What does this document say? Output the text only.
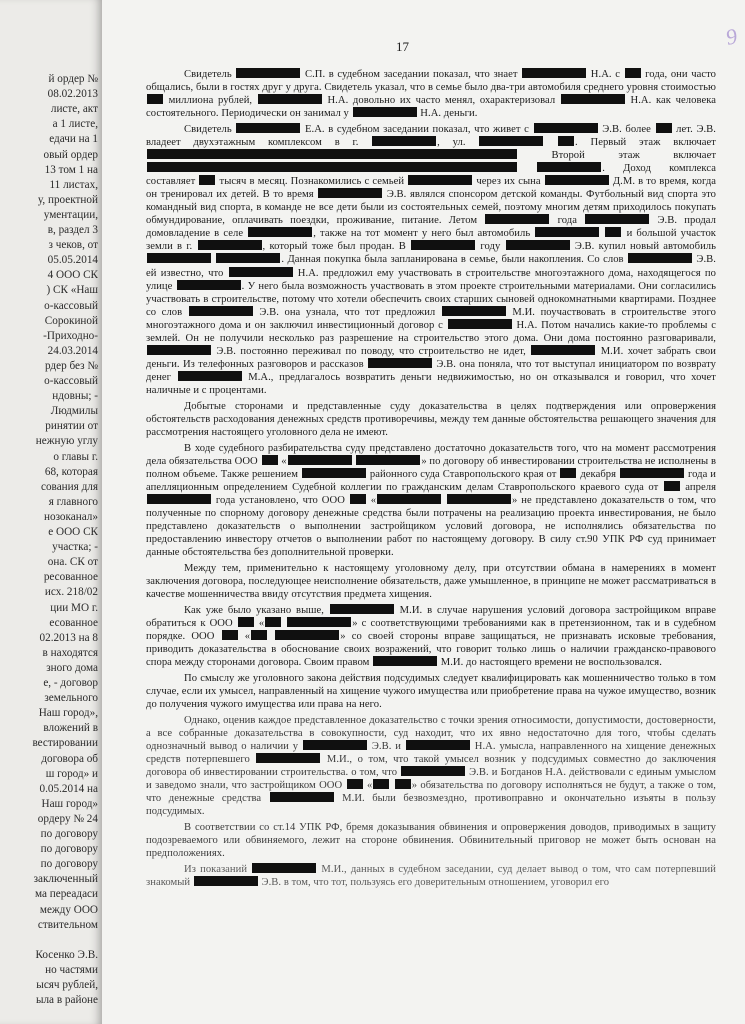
й ордер №
08.02.2013
листе, акт
а 1 листе,
едачи на 1
овый ордер
13 том 1 на
11 листах,
у, проектной
ументации,
в, раздел 3
з чеков, от
05.05.2014
4 ООО СК
) СК «Наш
о-кассовый
Сорокиной
-Приходно-
24.03.2014
рдер без №
о-кассовый
ндовны; -
Людмилы
ринятии от
нежную углу
о главы г.
68, которая
сования для
я главного
нозоканал»
е ООО СК
участка; -
она. СК от
ресованное
исх. 218/02
ции МО г.
есованное
02.2013 на 8
в находятся
зного дома
е, - договор
земельного
Наш город»,
вложений в
вестировании
договора об
ш город» и
0.05.2014 на
Наш город»
ордеру № 24
по договору
по договору
по договору
заключенный
ма переадаси
между ООО
ствительном
Косенко Э.В.
но частями
ысяч рублей,
ыла в районе
9
17

Свидетель	С.П. в судебном заседании показал, что знает	Н.А. с  года, они часто общались, были в гостях друг у друга. Свидетель указал, что в семье было два-три автомобиля среднего уровня стоимостью  миллиона рублей,	Н.А. довольно их часто менял, охарактеризовал	Н.А. как человека состоятельного. Периодически он занимал у	Н.А. деньги.

Свидетель	Е.А. в судебном заседании показал, что живет с	Э.В. более  лет. Э.В. владеет двухэтажным комплексом в г.	, ул.	. Первый этаж включает  Второй этаж включает  . Доход комплекса составляет  тысяч в месяц. Познакомились с семьей	через их сына	Д.М. в то время, когда он тренировал их детей. В то время	Э.В. являлся спонсором детской команды. Футбольный вид спорта это командный вид спорта, в команде не все дети были из состоятельных семей, поэтому многим детям приходилось покупать обмундирование, оплачивать поездки, проживание, питание. Летом	года	Э.В. продал домовладение в селе	, также на тот момент у него был автомобиль	и большой участок земли в г.	, который тоже был продан. В	году	Э.В. купил новый автомобиль  . Данная покупка была запланирована в семье, были накопления. Со слов	Э.В. ей известно, что	Н.А. предложил ему участвовать в строительстве многоэтажного дома, находящегося по улице	. У него была возможность участвовать в этом проекте строительными материалами. Они согласились участвовать в строительстве, потому что хотели обеспечить своих старших сыновей однокомнатными квартирами. Позднее со слов	Э.В. она узнала, что тот предложил	М.И. поучаствовать в строительстве этого многоэтажного дома и он заключил инвестиционный договор с	Н.А. Потом начались какие-то проблемы с землей. Он не получили несколько раз разрешение на строительство этого дома. Они дома постоянно разговаривали,  Э.В. постоянно переживал по поводу, что строительство не идет,	М.И. хочет забрать свои деньги. Из телефонных разговоров и рассказов	Э.В. она поняла, что тот выступал инициатором по возврату денег	М.А., предлагалось возвратить деньги недвижимостью, но он отказывался и говорил, что хочет наличные и с процентами.

Добытые сторонами и представленные суду доказательства в целях подтверждения или опровержения обстоятельств расходования денежных средств противоречивы, между тем данные обстоятельства решающего значения для рассмотрения настоящего уголовного дела не имеют.

В ходе судебного разбирательства суду представлено достаточно доказательств того, что на момент рассмотрения дела обязательства ООО  «	» по договору об инвестировании строительства не исполнены в полном объеме. Также решением	районного суда Ставропольского края от  декабря	года и апелляционным определением Судебной коллегии по гражданским делам Ставропольского краевого суда от  апреля  года установлено, что ООО  «	» не представлено доказательств о том, что полученные по спорному договору денежные средства были потрачены на реализацию проекта инвестирования, не было представлено доказательств о выполнении застройщиком условий договора, не исполнялись обязательства по предоставлению инвестору отчетов о выполнении работ по настоящему договору. В силу ст.90 УПК РФ суд принимает данные обстоятельства без дополнительной проверки.

Между тем, применительно к настоящему уголовному делу, при отсутствии обмана в намерениях в момент заключения договора, последующее неисполнение обязательств, даже умышленное, в принципе не может рассматриваться в качестве мошенничества ввиду отсутствия предмета хищения.

Как уже было указано выше,	М.И. в случае нарушения условий договора застройщиком вправе обратиться к ООО  «	» с соответствующими требованиями как в претензионном, так и в судебном порядке. ООО  «	» со своей стороны вправе защищаться, не признавать исковые требования, приводить доказательства в обоснование своих возражений, что говорит только лишь о наличии гражданско-правового спора между сторонами договора. Своим правом	М.И. до настоящего времени не воспользовался.

По смыслу же уголовного закона действия подсудимых следует квалифицировать как мошенничество только в том случае, если их умысел, направленный на хищение чужого имущества или приобретение права на чужое имущество, возник до получения чужого имущества или права на него.

Однако, оценив каждое представленное доказательство с точки зрения относимости, допустимости, достоверности, а все собранные доказательства в совокупности, суд находит, что их явно недостаточно для того, чтобы сделать однозначный вывод о наличии у	Э.В. и	Н.А. умысла, направленного на хищение денежных средств потерпевшего	М.И., о том, что такой умысел возник у подсудимых совместно до заключения договора об инвестировании строительства. о том, что	Э.В. и Богданов Н.А. действовали с единым умыслом и заведомо знали, что застройщиком ООО  «	» обязательства по договору исполняться не будут, а также о том, что денежные средства	М.И. были безвозмездно, противоправно и окончательно изъяты в пользу подсудимых.

В соответствии со ст.14 УПК РФ, бремя доказывания обвинения и опровержения доводов, приводимых в защиту подозреваемого или обвиняемого, лежит на стороне обвинения. Обвинительный приговор не может быть основан на предположениях.

Из показаний	М.И., данных в судебном заседании, суд делает вывод о том, что сам потерпевший знакомый	Э.В. в том, что тот, пользуясь его доверительным отношением, уговорил его
